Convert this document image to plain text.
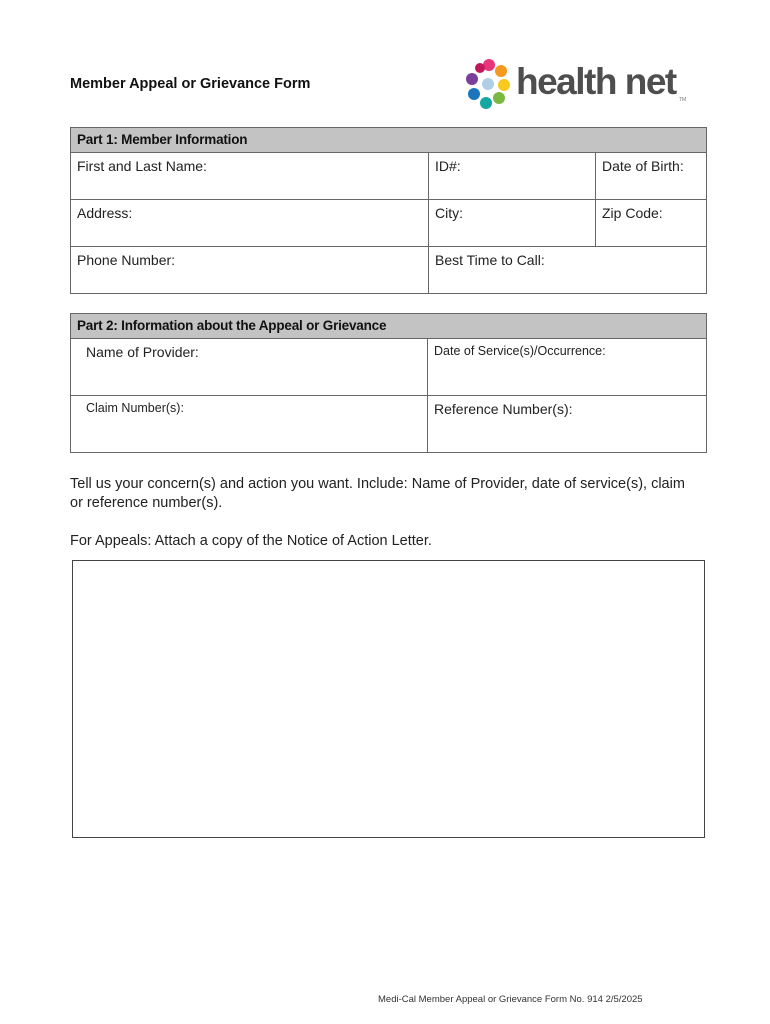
Member Appeal or Grievance Form	health net TM
Part 1: Member Information		

First and Last Name:	ID#:	Date of Birth:

Address:	City:	Zip Code:

Phone Number:	Best Time to Call:	
Part 2: Information about the Appeal or Grievance	

Name of Provider:	Date of Service(s)/Occurrence:

Claim Number(s):	Reference Number(s):
Tell us your concern(s) and action you want. Include: Name of Provider, date of service(s), claim or reference number(s).
For Appeals: Attach a copy of the Notice of Action Letter.
Medi-Cal Member Appeal or Grievance Form No. 914 2/5/2025
